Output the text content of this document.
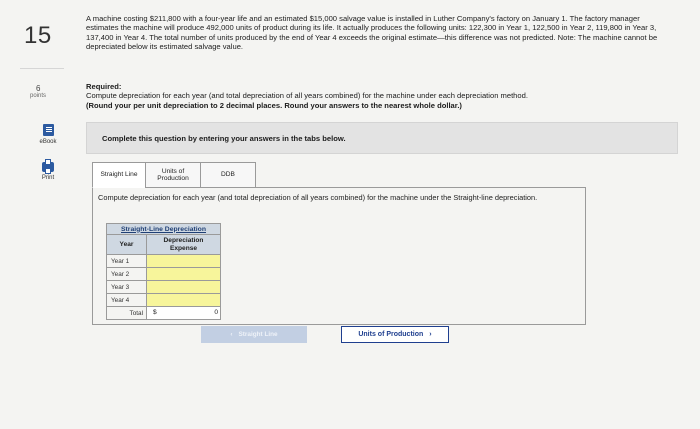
15
6
points
eBook
Print
A machine costing $211,800 with a four-year life and an estimated $15,000 salvage value is installed in Luther Company's factory on January 1. The factory manager estimates the machine will produce 492,000 units of product during its life. It actually produces the following units: 122,300 in Year 1, 122,500 in Year 2, 119,800 in Year 3, 137,400 in Year 4. The total number of units produced by the end of Year 4 exceeds the original estimate—this difference was not predicted. Note: The machine cannot be depreciated below its estimated salvage value.
Required:
Compute depreciation for each year (and total depreciation of all years combined) for the machine under each depreciation method.
(Round your per unit depreciation to 2 decimal places. Round your answers to the nearest whole dollar.)
Complete this question by entering your answers in the tabs below.
Straight Line
Units of
Production
DDB
Compute depreciation for each year (and total depreciation of all years combined) for the machine under the Straight-line depreciation.
Straight-Line Depreciation	
Year	Depreciation
Expense

Year 1	
Year 2	
Year 3	
Year 4	
Total	$ 0
‹ Straight Line	Units of Production ›
